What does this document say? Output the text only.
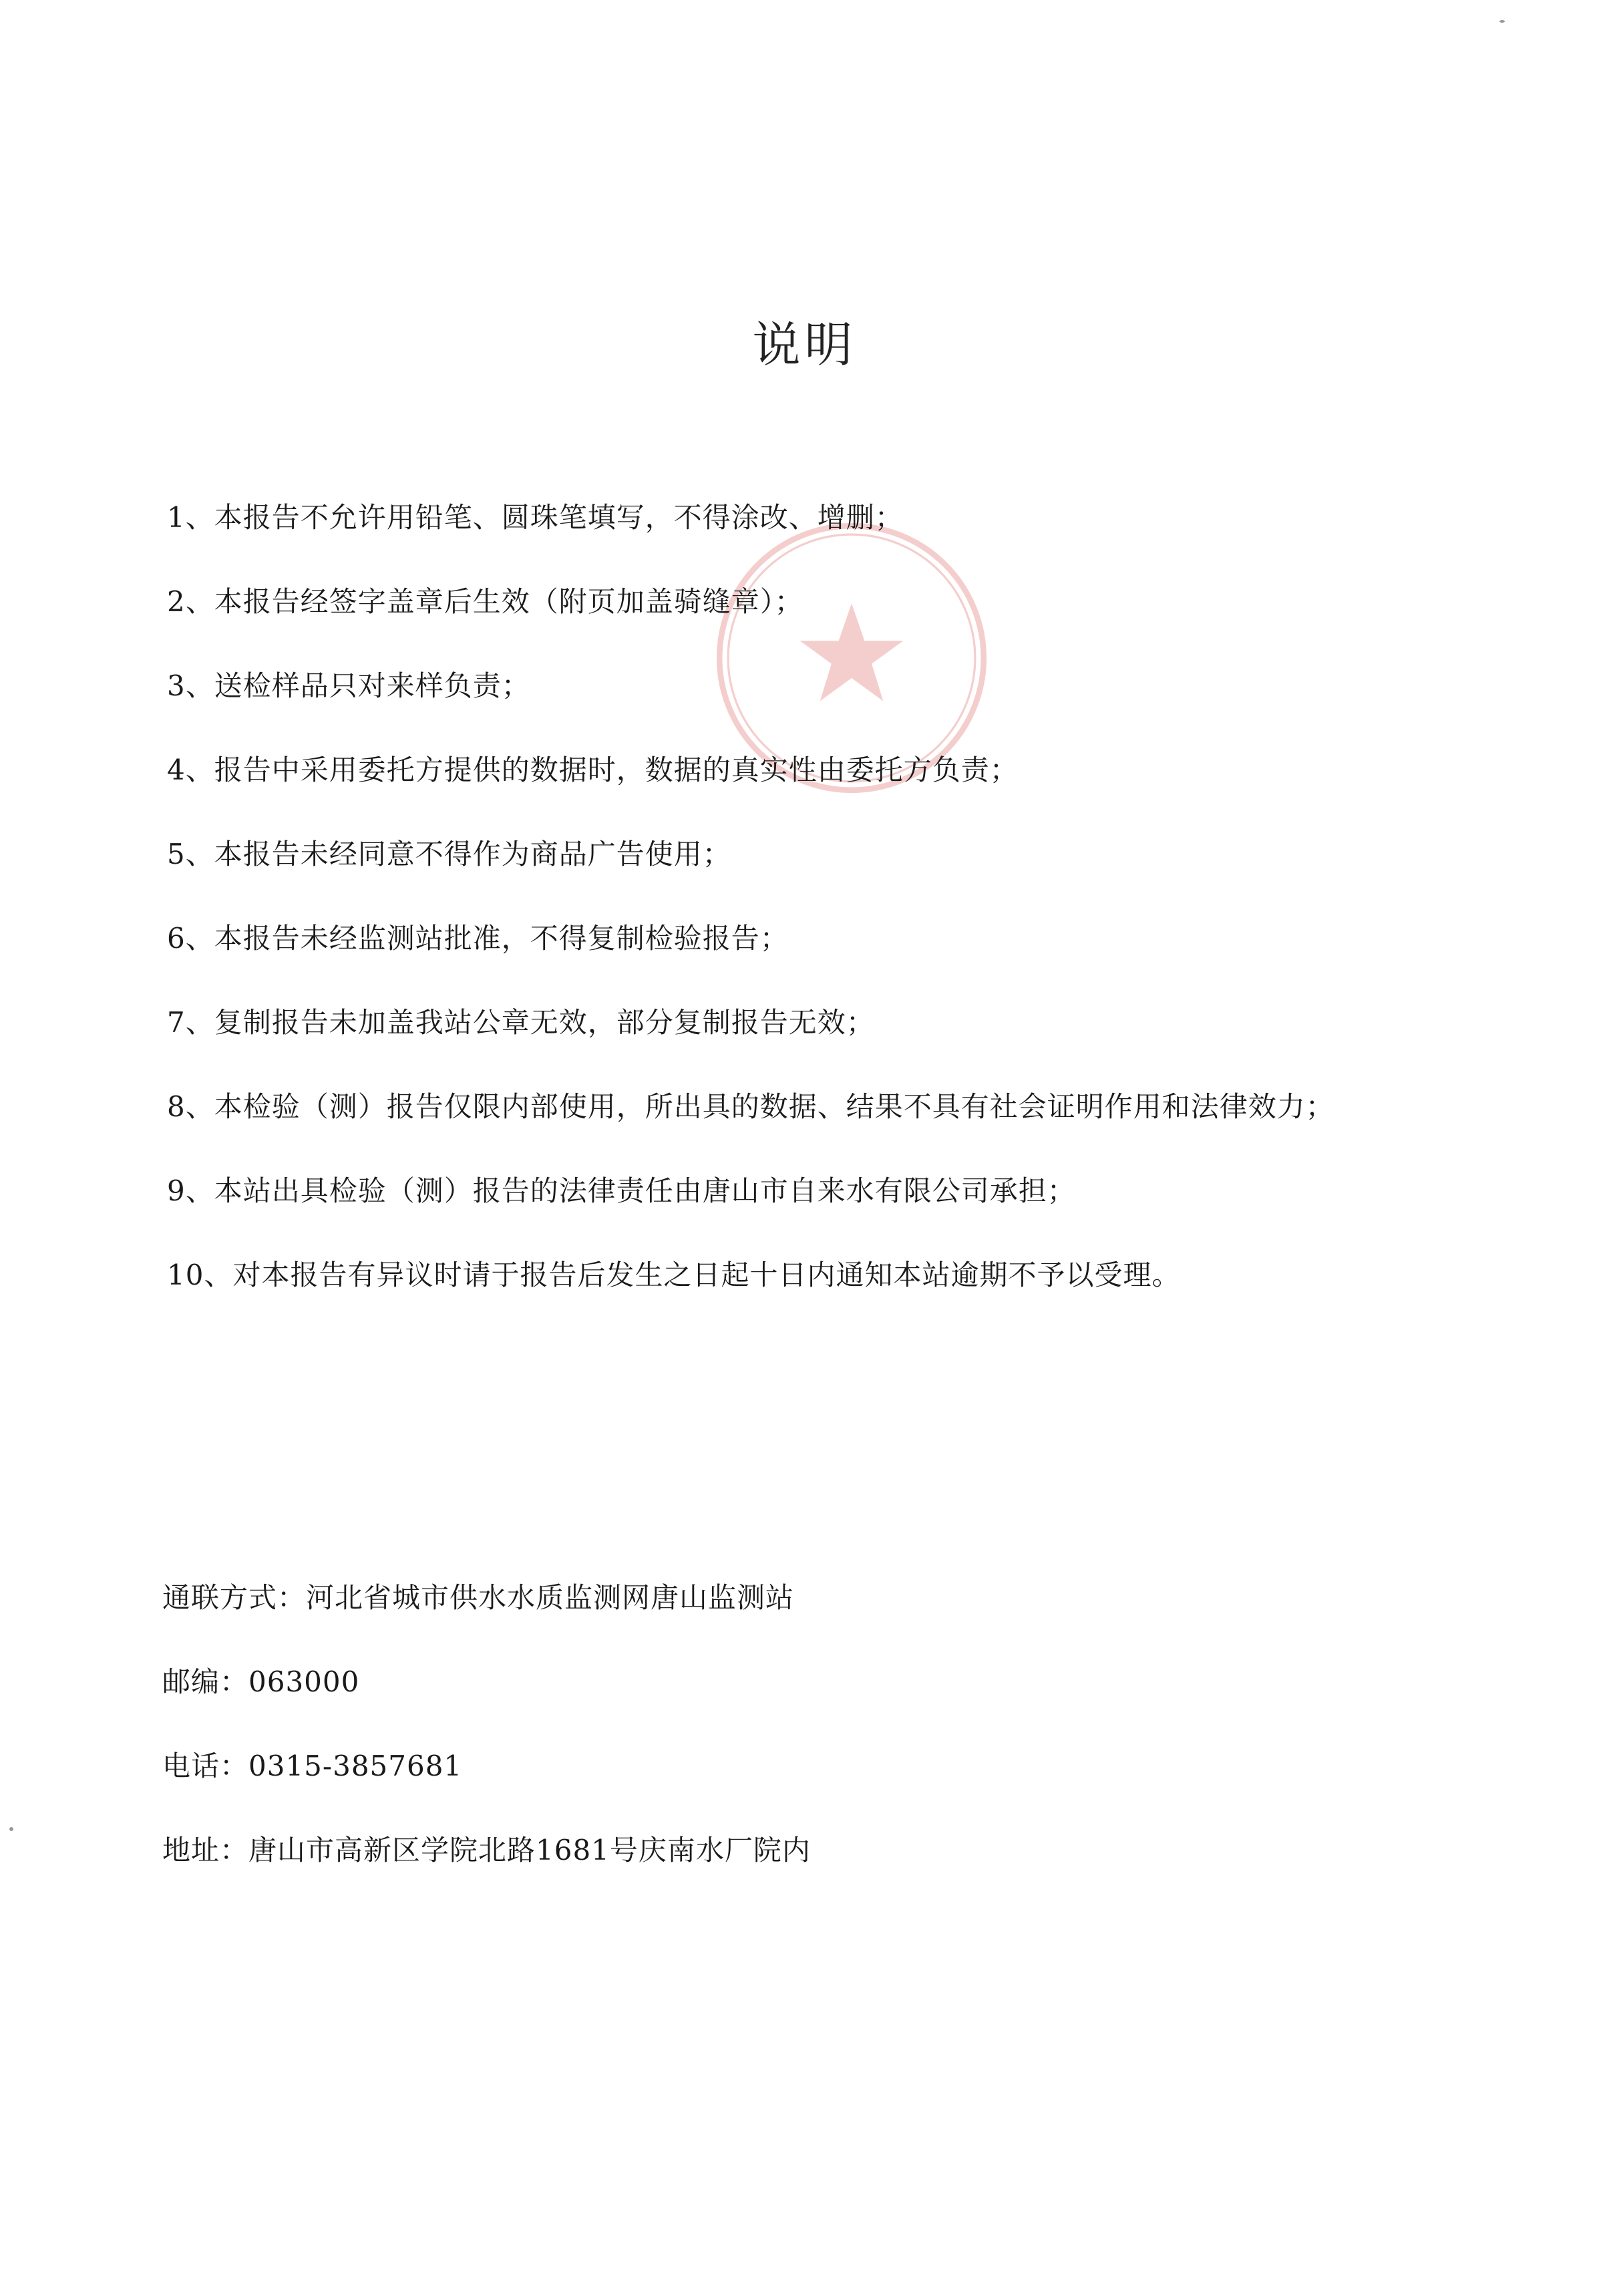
说明
1、本报告不允许用铅笔、圆珠笔填写，不得涂改、增删；
2、本报告经签字盖章后生效（附页加盖骑缝章）；
3、送检样品只对来样负责；
4、报告中采用委托方提供的数据时，数据的真实性由委托方负责；
5、本报告未经同意不得作为商品广告使用；
6、本报告未经监测站批准，不得复制检验报告；
7、复制报告未加盖我站公章无效，部分复制报告无效；
8、本检验（测）报告仅限内部使用，所出具的数据、结果不具有社会证明作用和法律效力；
9、本站出具检验（测）报告的法律责任由唐山市自来水有限公司承担；
10、对本报告有异议时请于报告后发生之日起十日内通知本站逾期不予以受理。
通联方式：河北省城市供水水质监测网唐山监测站
邮编：063000
电话：0315-3857681
地址：唐山市高新区学院北路1681号庆南水厂院内
